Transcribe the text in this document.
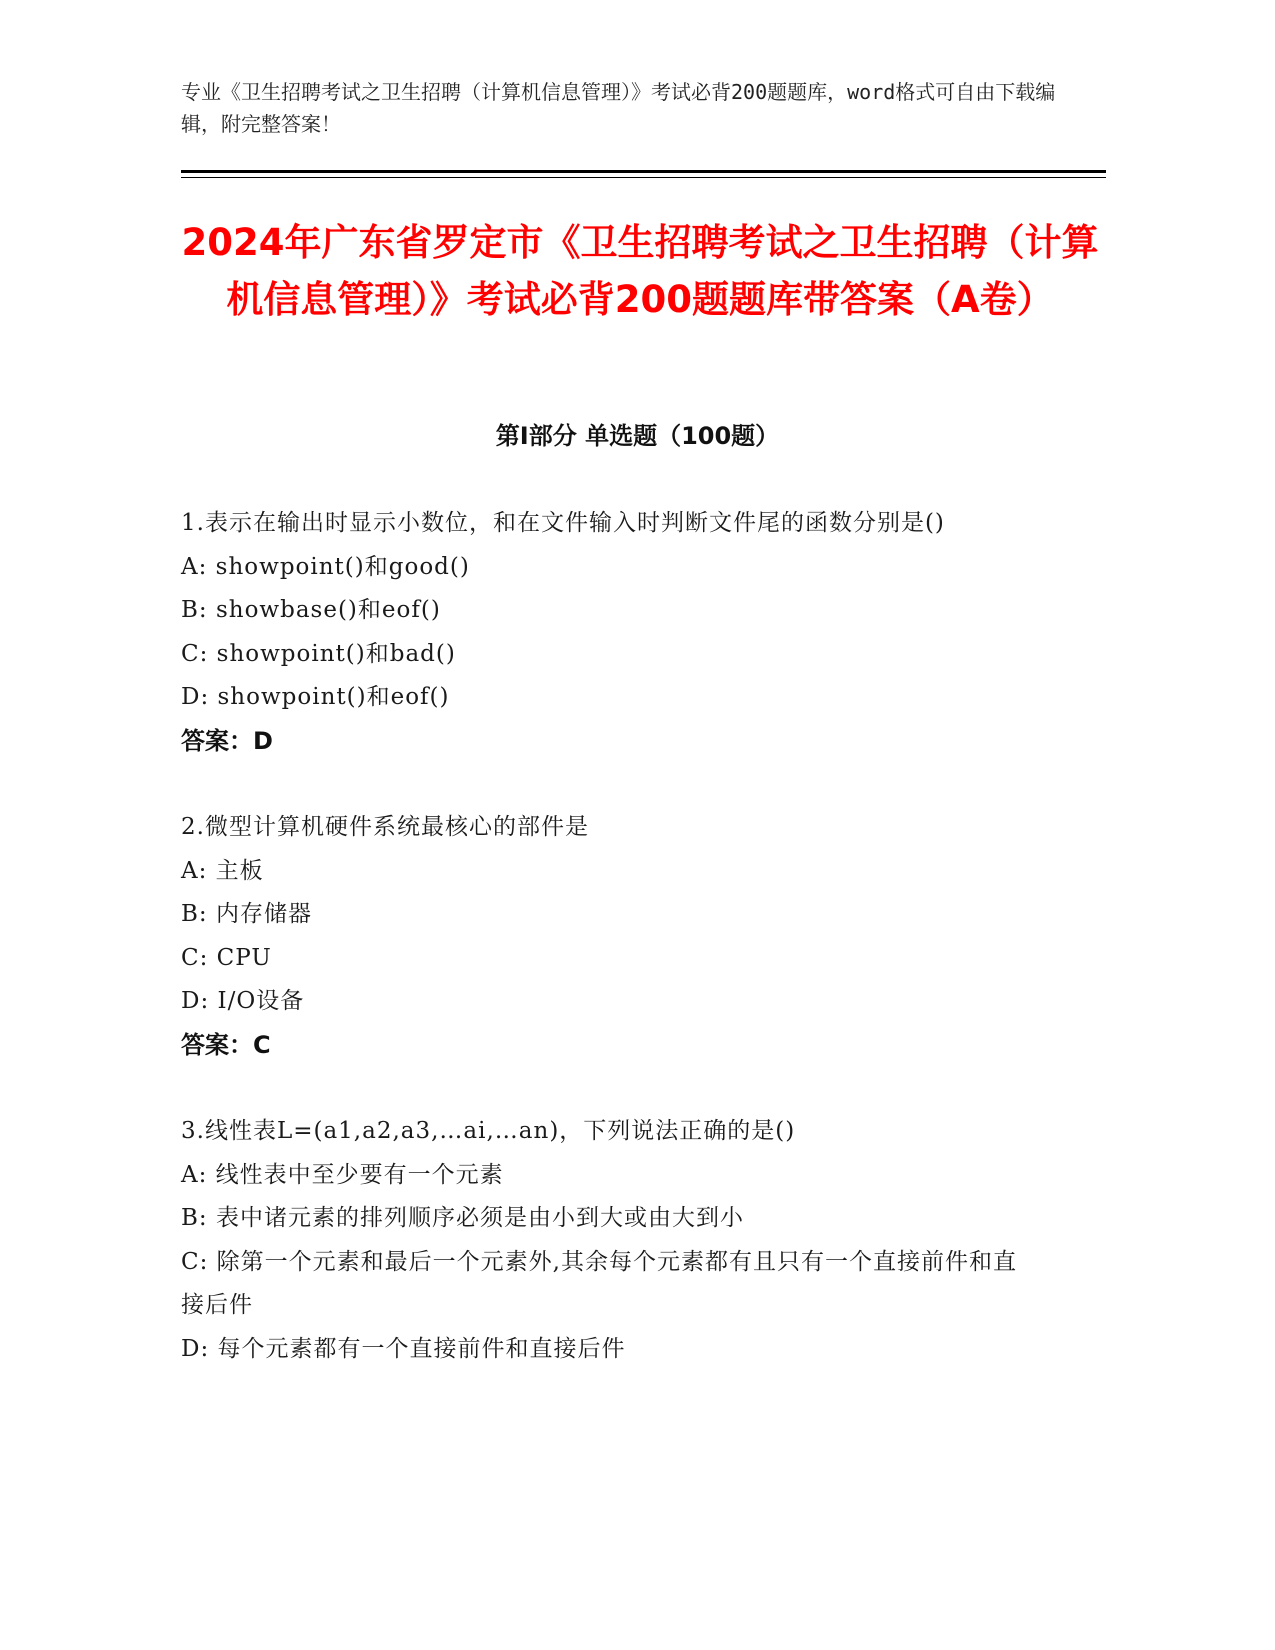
专业《卫生招聘考试之卫生招聘（计算机信息管理）》考试必背200题题库，word格式可自由下载编辑，附完整答案！
2024年广东省罗定市《卫生招聘考试之卫生招聘（计算机信息管理）》考试必背200题题库带答案（A卷）
第I部分 单选题（100题）
1.表示在输出时显示小数位，和在文件输入时判断文件尾的函数分别是()
A: showpoint()和good()
B: showbase()和eof()
C: showpoint()和bad()
D: showpoint()和eof()
答案：D
2.微型计算机硬件系统最核心的部件是
A: 主板
B: 内存储器
C: CPU
D: I/O设备
答案：C
3.线性表L=(a1,a2,a3,…ai,…an)，下列说法正确的是()
A: 线性表中至少要有一个元素
B: 表中诸元素的排列顺序必须是由小到大或由大到小
C: 除第一个元素和最后一个元素外,其余每个元素都有且只有一个直接前件和直接后件
D: 每个元素都有一个直接前件和直接后件
